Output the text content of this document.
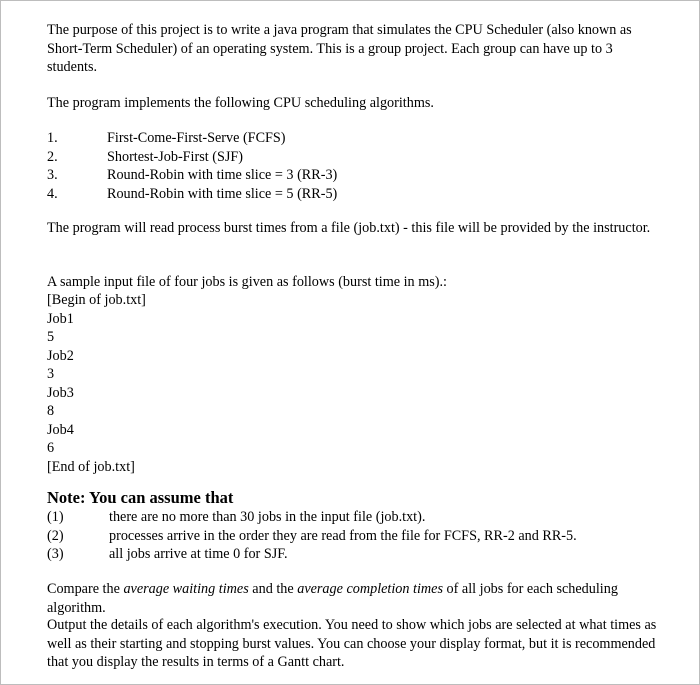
The purpose of this project is to write a java program that simulates the CPU Scheduler (also known as Short-Term Scheduler) of an operating system. This is a group project. Each group can have up to 3 students.

The program implements the following CPU scheduling algorithms.

1.	First-Come-First-Serve (FCFS)
2.	Shortest-Job-First (SJF)
3.	Round-Robin with time slice = 3 (RR-3)
4.	Round-Robin with time slice = 5 (RR-5)

The program will read process burst times from a file (job.txt) - this file will be provided by the instructor.

A sample input file of four jobs is given as follows (burst time in ms).:

[Begin of job.txt]
Job1
5
Job2
3
Job3
8
Job4
6
[End of job.txt]
Note: You can assume that
(1)	there are no more than 30 jobs in the input file (job.txt).
(2)	processes arrive in the order they are read from the file for FCFS, RR-2 and RR-5.
(3)	all jobs arrive at time 0 for SJF.

Compare the average waiting times and the average completion times of all jobs for each scheduling algorithm.

Output the details of each algorithm's execution. You need to show which jobs are selected at what times as well as their starting and stopping burst values. You can choose your display format, but it is recommended that you display the results in terms of a Gantt chart.
